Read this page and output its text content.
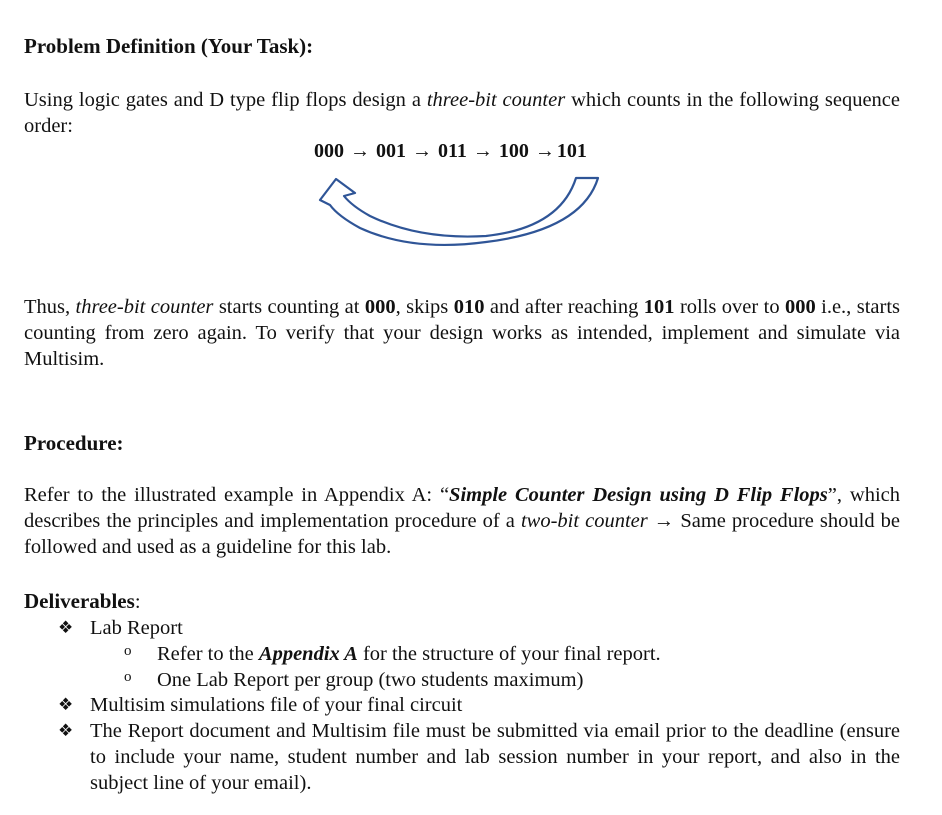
Problem Definition (Your Task):

Using logic gates and D type flip flops design a three-bit counter which counts in the following sequence order:

000 → 001 → 011 → 100 → 101

Thus, three-bit counter starts counting at 000, skips 010 and after reaching 101 rolls over to 000 i.e., starts counting from zero again. To verify that your design works as intended, implement and simulate via Multisim.

Procedure:

Refer to the illustrated example in Appendix A: “Simple Counter Design using D Flip Flops”, which describes the principles and implementation procedure of a two-bit counter → Same procedure should be followed and used as a guideline for this lab.

Deliverables:
❖ Lab Report
o Refer to the Appendix A for the structure of your final report.
o One Lab Report per group (two students maximum)
❖ Multisim simulations file of your final circuit
❖ The Report document and Multisim file must be submitted via email prior to the deadline (ensure to include your name, student number and lab session number in your report, and also in the subject line of your email).
